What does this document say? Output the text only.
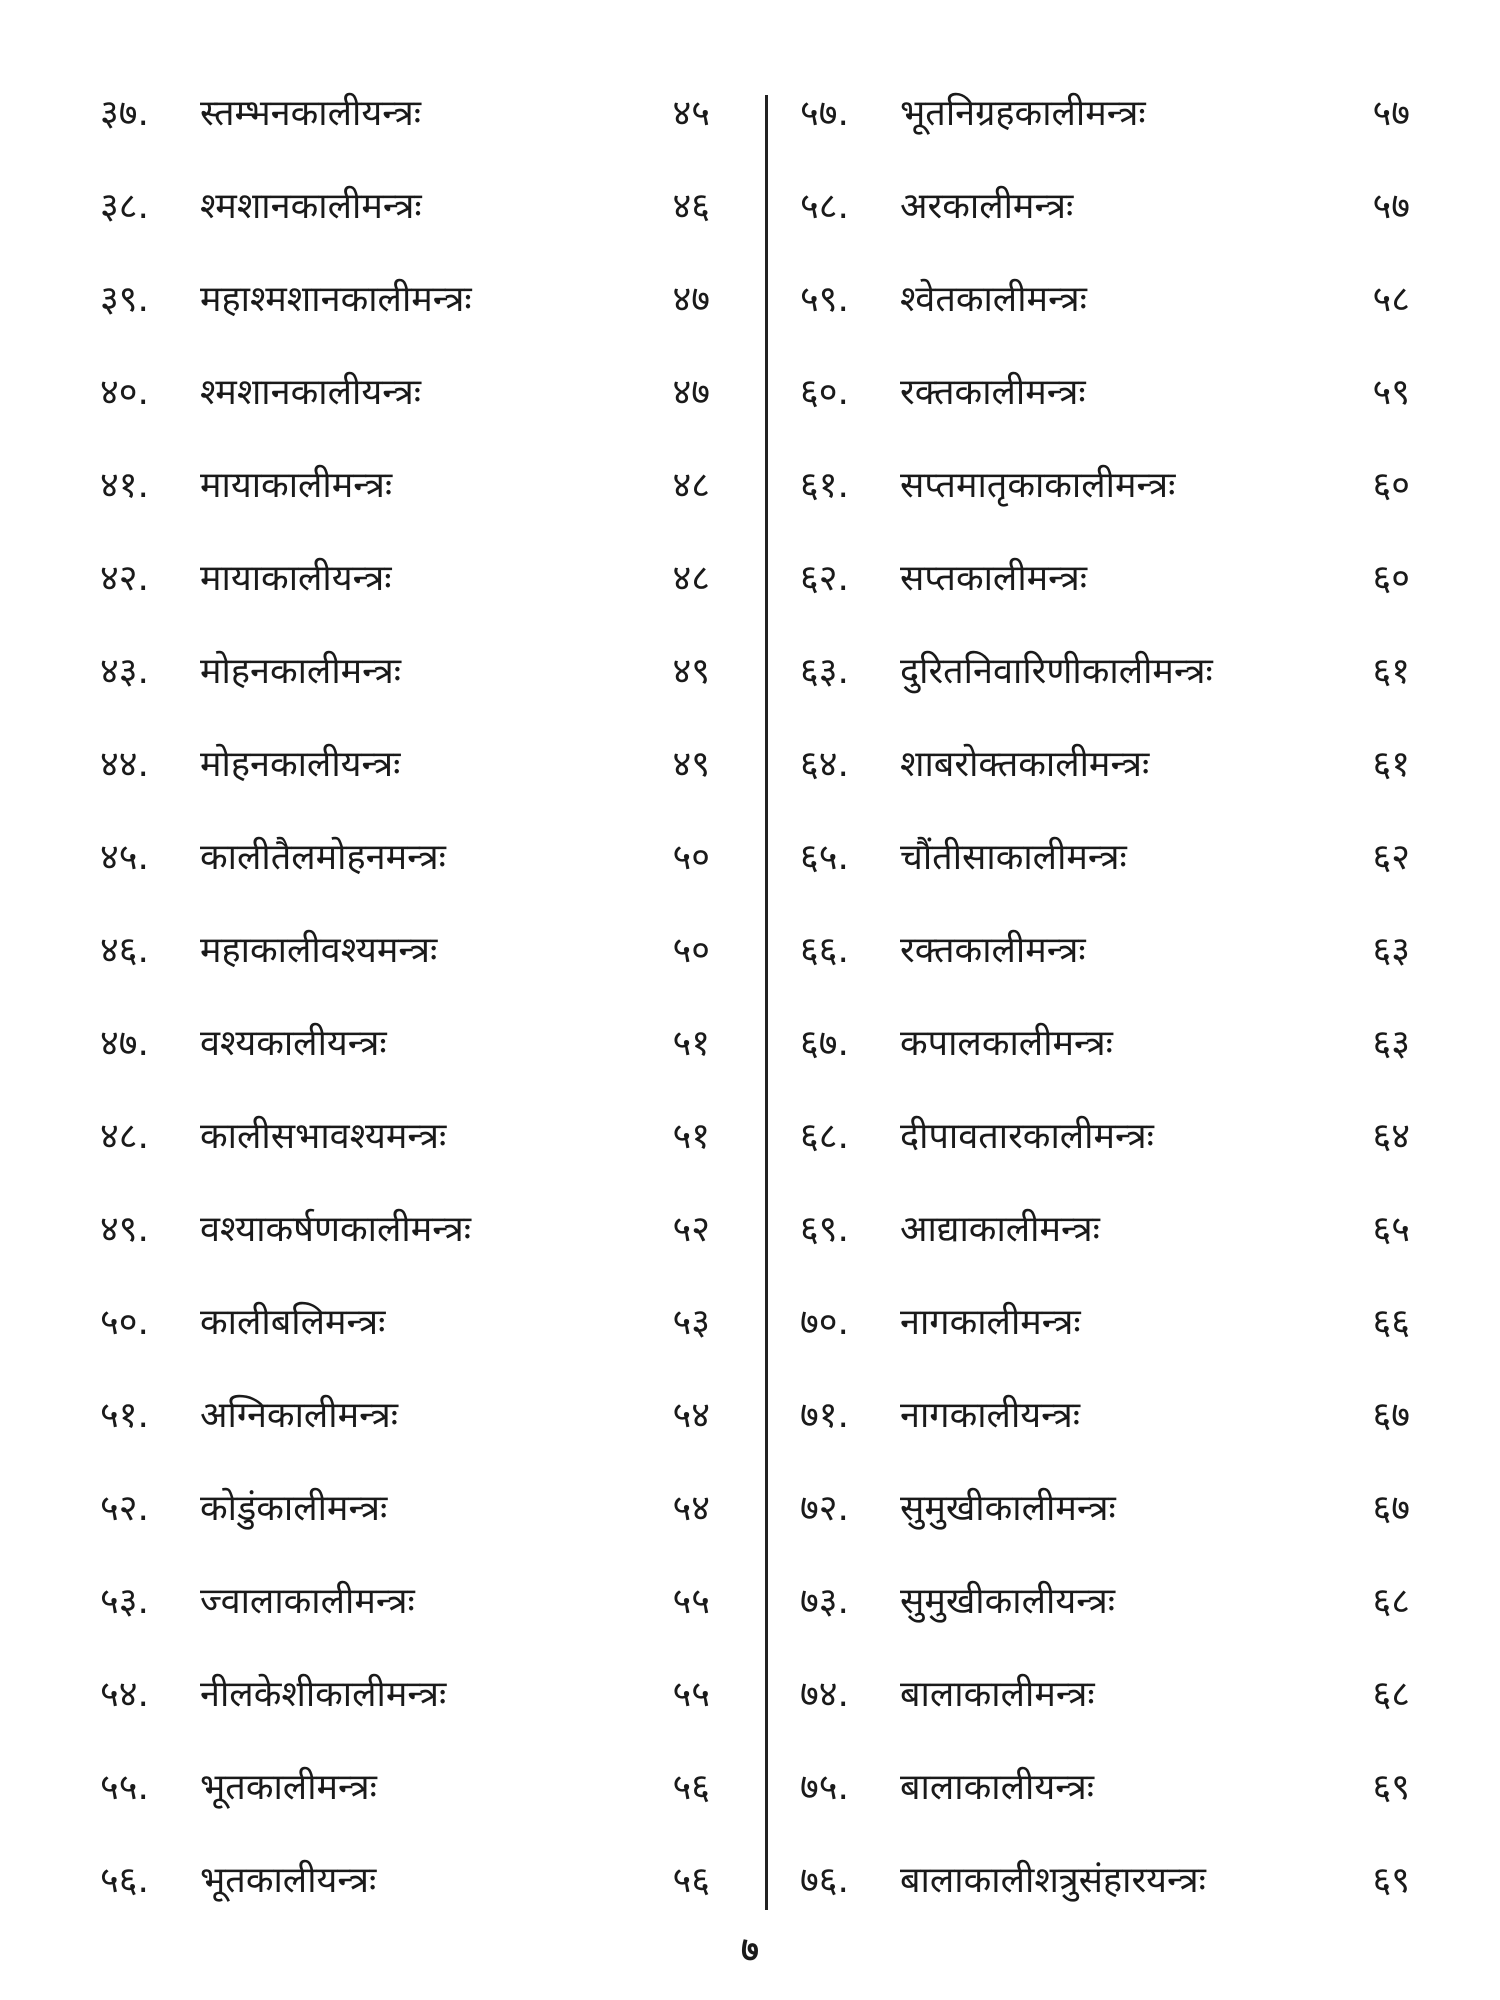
३७.	स्तम्भनकालीयन्त्रः	४५
३८.	श्मशानकालीमन्त्रः	४६
३९.	महाश्मशानकालीमन्त्रः	४७
४०.	श्मशानकालीयन्त्रः	४७
४१.	मायाकालीमन्त्रः	४८
४२.	मायाकालीयन्त्रः	४८
४३.	मोहनकालीमन्त्रः	४९
४४.	मोहनकालीयन्त्रः	४९
४५.	कालीतैलमोहनमन्त्रः	५०
४६.	महाकालीवश्यमन्त्रः	५०
४७.	वश्यकालीयन्त्रः	५१
४८.	कालीसभावश्यमन्त्रः	५१
४९.	वश्याकर्षणकालीमन्त्रः	५२
५०.	कालीबलिमन्त्रः	५३
५१.	अग्निकालीमन्त्रः	५४
५२.	कोडुंकालीमन्त्रः	५४
५३.	ज्वालाकालीमन्त्रः	५५
५४.	नीलकेशीकालीमन्त्रः	५५
५५.	भूतकालीमन्त्रः	५६
५६.	भूतकालीयन्त्रः	५६
५७.	भूतनिग्रहकालीमन्त्रः	५७
५८.	अरकालीमन्त्रः	५७
५९.	श्वेतकालीमन्त्रः	५८
६०.	रक्तकालीमन्त्रः	५९
६१.	सप्तमातृकाकालीमन्त्रः	६०
६२.	सप्तकालीमन्त्रः	६०
६३.	दुरितनिवारिणीकालीमन्त्रः	६१
६४.	शाबरोक्तकालीमन्त्रः	६१
६५.	चौंतीसाकालीमन्त्रः	६२
६६.	रक्तकालीमन्त्रः	६३
६७.	कपालकालीमन्त्रः	६३
६८.	दीपावतारकालीमन्त्रः	६४
६९.	आद्याकालीमन्त्रः	६५
७०.	नागकालीमन्त्रः	६६
७१.	नागकालीयन्त्रः	६७
७२.	सुमुखीकालीमन्त्रः	६७
७३.	सुमुखीकालीयन्त्रः	६८
७४.	बालाकालीमन्त्रः	६८
७५.	बालाकालीयन्त्रः	६९
७६.	बालाकालीशत्रुसंहारयन्त्रः	६९
७
